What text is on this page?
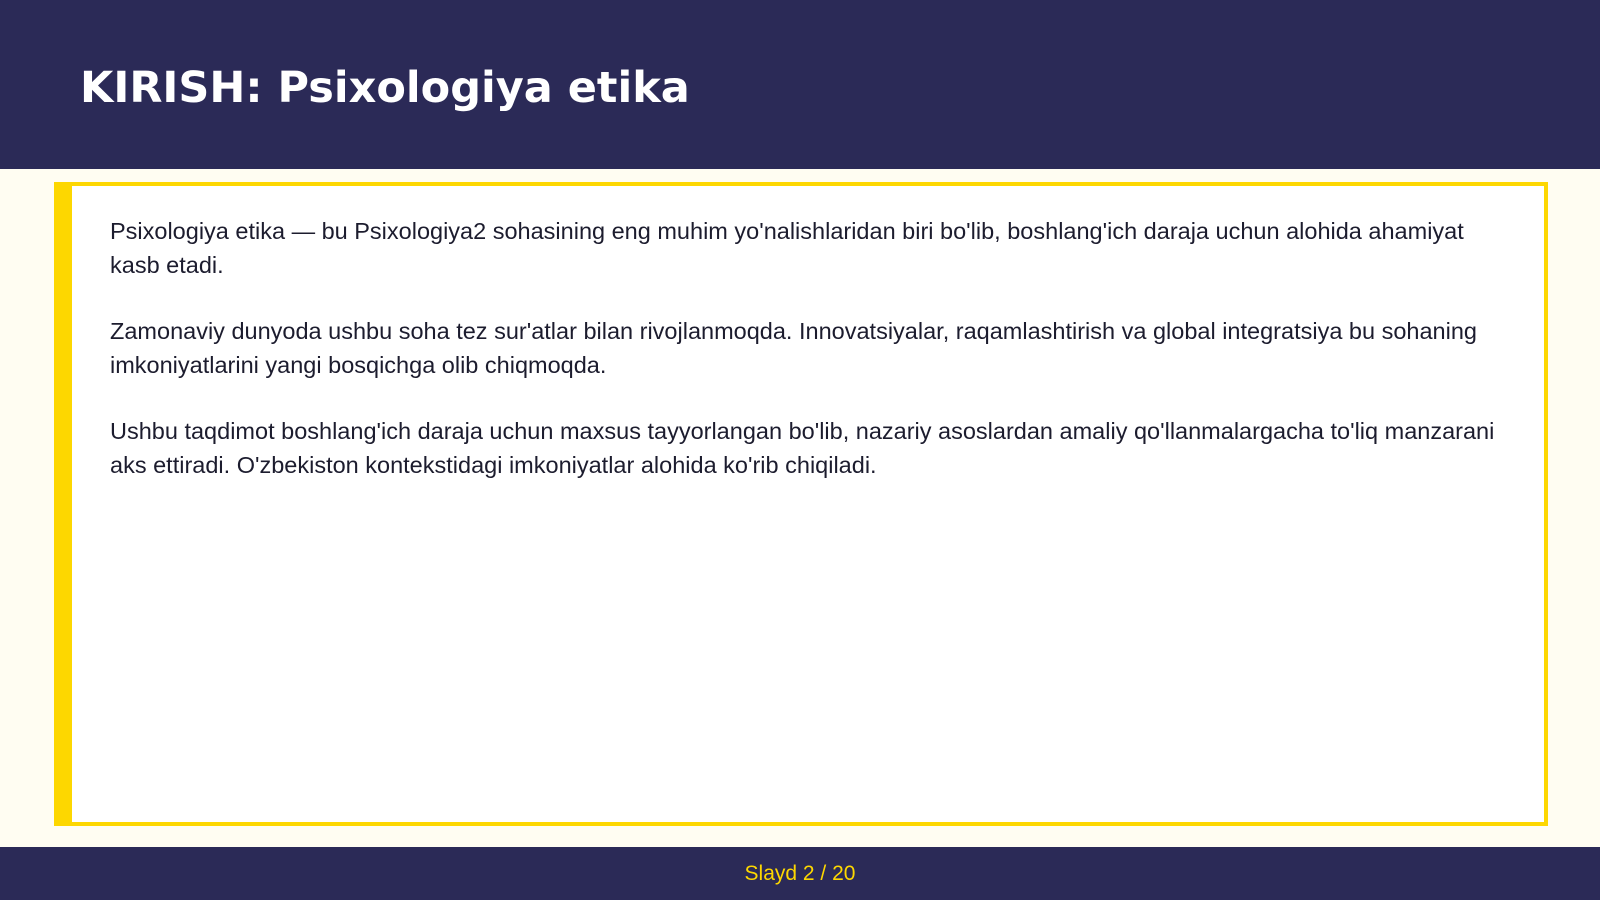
KIRISH: Psixologiya etika

Psixologiya etika — bu Psixologiya2 sohasining eng muhim yo'nalishlaridan biri bo'lib, boshlang'ich daraja uchun alohida ahamiyat kasb etadi.

Zamonaviy dunyoda ushbu soha tez sur'atlar bilan rivojlanmoqda. Innovatsiyalar, raqamlashtirish va global integratsiya bu sohaning imkoniyatlarini yangi bosqichga olib chiqmoqda.

Ushbu taqdimot boshlang'ich daraja uchun maxsus tayyorlangan bo'lib, nazariy asoslardan amaliy qo'llanmalargacha to'liq manzarani aks ettiradi. O'zbekiston kontekstidagi imkoniyatlar alohida ko'rib chiqiladi.

Slayd 2 / 20
